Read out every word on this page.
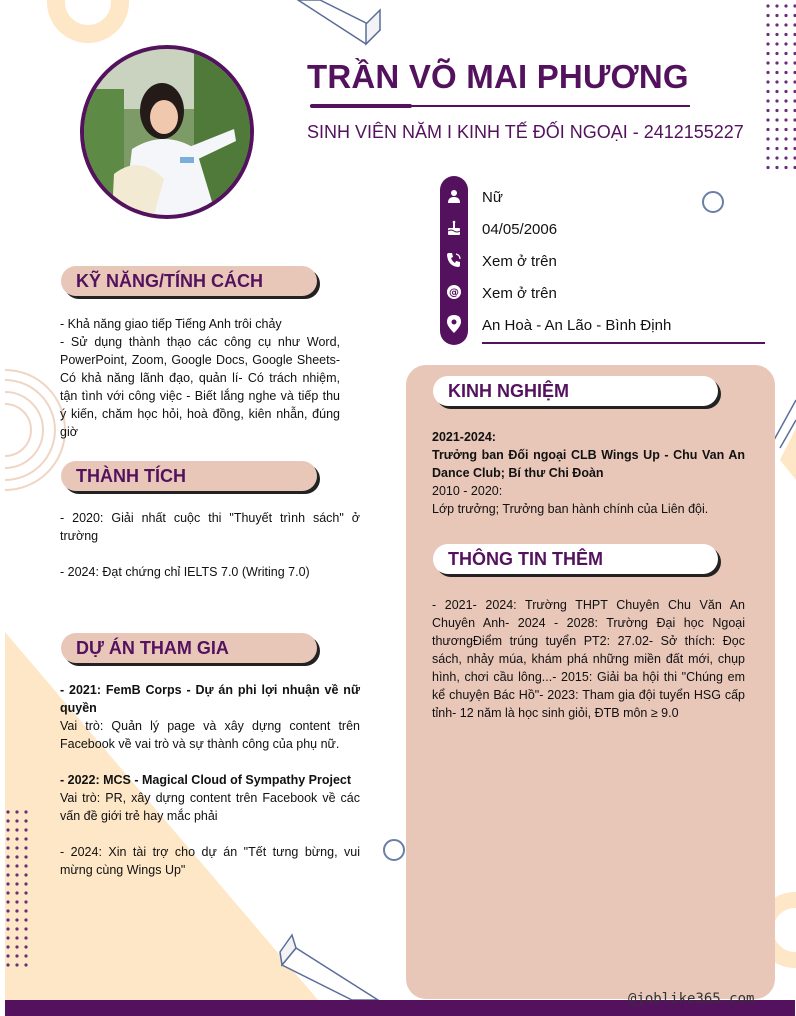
TRẦN VÕ MAI PHƯƠNG
SINH VIÊN NĂM I KINH TẾ ĐỐI NGOẠI - 2412155227
@
Nữ
04/05/2006
Xem ở trên
Xem ở trên
An Hoà - An Lão - Bình Định
KỸ NĂNG/TÍNH CÁCH

- Khả năng giao tiếp Tiếng Anh trôi chảy

- Sử dụng thành thạo các công cụ như Word, PowerPoint, Zoom, Google Docs, Google Sheets- Có khả năng lãnh đạo, quản lí- Có trách nhiệm, tận tình với công việc - Biết lắng nghe và tiếp thu ý kiến, chăm học hỏi, hoà đồng, kiên nhẫn, đúng giờ

THÀNH TÍCH

- 2020: Giải nhất cuộc thi "Thuyết trình sách" ở trường

- 2024: Đạt chứng chỉ IELTS 7.0 (Writing 7.0)

DỰ ÁN THAM GIA

- 2021: FemB Corps - Dự án phi lợi nhuận về nữ quyền

Vai trò: Quản lý page và xây dựng content trên Facebook về vai trò và sự thành công của phụ nữ.

- 2022: MCS - Magical Cloud of Sympathy Project

Vai trò: PR, xây dựng content trên Facebook về các vấn đề giới trẻ hay mắc phải

- 2024: Xin tài trợ cho dự án "Tết tưng bừng, vui mừng cùng Wings Up"

KINH NGHIỆM

2021-2024:

Trưởng ban Đối ngoại CLB Wings Up - Chu Van An Dance Club; Bí thư Chi Đoàn

2010 - 2020:

Lớp trưởng; Trưởng ban hành chính của Liên đội.

THÔNG TIN THÊM

- 2021- 2024: Trường THPT Chuyên Chu Văn An Chuyên Anh- 2024 - 2028: Trường Đại học Ngoại thươngĐiểm trúng tuyển PT2: 27.02- Sở thích: Đọc sách, nhảy múa, khám phá những miền đất mới, chụp hình, chơi cầu lông...- 2015: Giải ba hội thi "Chúng em kể chuyện Bác Hồ"- 2023: Tham gia đội tuyển HSG cấp tỉnh- 12 năm là học sinh giỏi, ĐTB môn ≥ 9.0

@joblike365.com
